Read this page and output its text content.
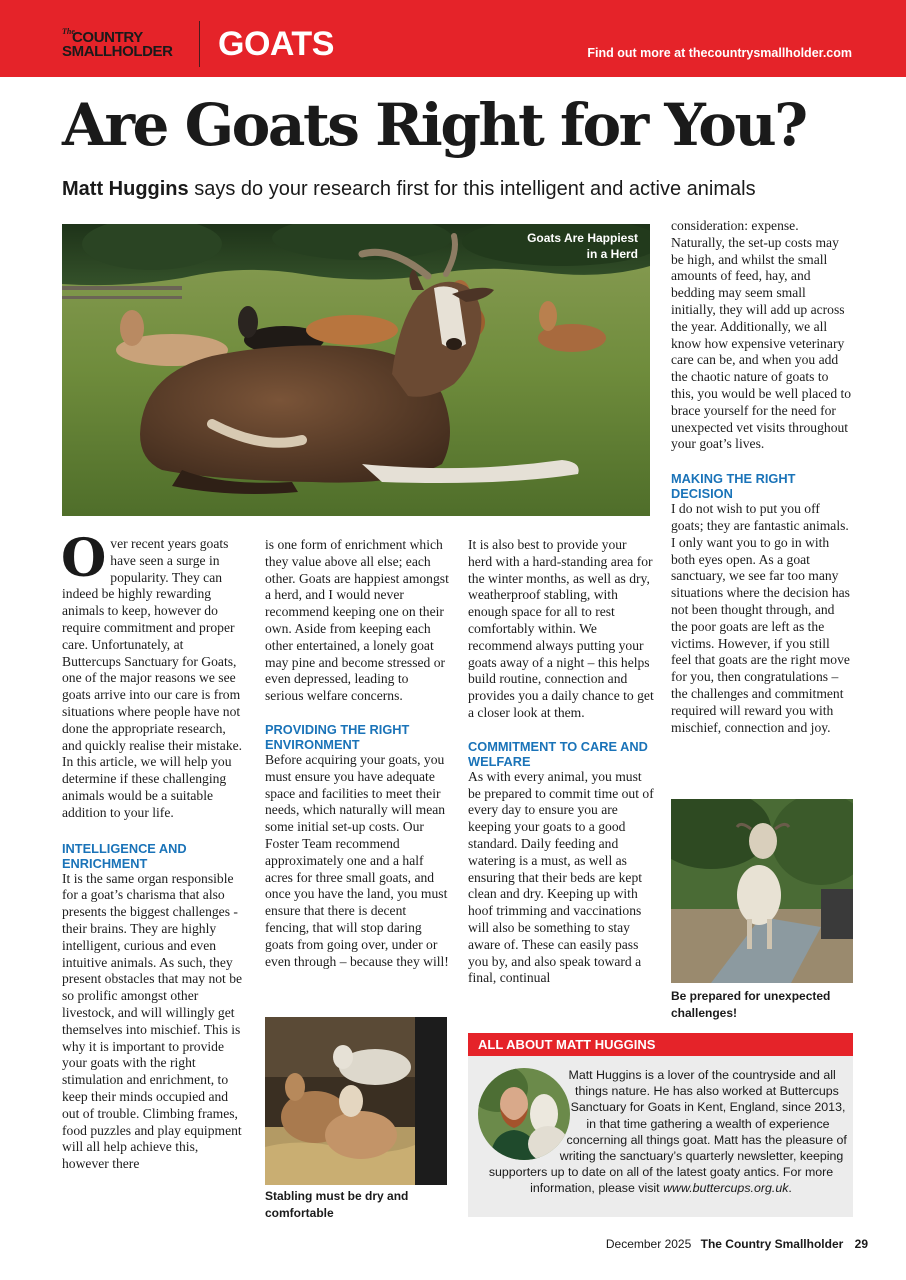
The
COUNTRY
SMALLHOLDER GOATS	Find out more at thecountrysmallholder.com
Are Goats Right for You?
Matt Huggins says do your research first for this intelligent and active animals
Goats Are Happiest
in a Herd

Over recent years goats have seen a surge in popularity. They can indeed be highly rewarding animals to keep, however do require commitment and proper care. Unfortunately, at Buttercups Sanctuary for Goats, one of the major reasons we see goats arrive into our care is from situations where people have not done the appropriate research, and quickly realise their mistake. In this article, we will help you determine if these challenging animals would be a suitable addition to your life.

INTELLIGENCE AND ENRICHMENT

It is the same organ responsible for a goat’s charisma that also presents the biggest challenges - their brains. They are highly intelligent, curious and even intuitive animals. As such, they present obstacles that may not be so prolific amongst other livestock, and will willingly get themselves into mischief. This is why it is important to provide your goats with the right stimulation and enrichment, to keep their minds occupied and out of trouble. Climbing frames, food puzzles and play equipment will all help achieve this, however there

is one form of enrichment which they value above all else; each other. Goats are happiest amongst a herd, and I would never recommend keeping one on their own. Aside from keeping each other entertained, a lonely goat may pine and become stressed or even depressed, leading to serious welfare concerns.

PROVIDING THE RIGHT ENVIRONMENT

Before acquiring your goats, you must ensure you have adequate space and facilities to meet their needs, which naturally will mean some initial set-up costs. Our Foster Team recommend approximately one and a half acres for three small goats, and once you have the land, you must ensure that there is decent fencing, that will stop daring goats from going over, under or even through – because they will!

Stabling must be dry and comfortable

It is also best to provide your herd with a hard-standing area for the winter months, as well as dry, weatherproof stabling, with enough space for all to rest comfortably within. We recommend always putting your goats away of a night – this helps build routine, connection and provides you a daily chance to get a closer look at them.

COMMITMENT TO CARE AND WELFARE

As with every animal, you must be prepared to commit time out of every day to ensure you are keeping your goats to a good standard. Daily feeding and watering is a must, as well as ensuring that their beds are kept clean and dry. Keeping up with hoof trimming and vaccinations will also be something to stay aware of. These can easily pass you by, and also speak toward a final, continual

consideration: expense. Naturally, the set-up costs may be high, and whilst the small amounts of feed, hay, and bedding may seem small initially, they will add up across the year. Additionally, we all know how expensive veterinary care can be, and when you add the chaotic nature of goats to this, you would be well placed to brace yourself for the need for unexpected vet visits throughout your goat’s lives.

MAKING THE RIGHT DECISION

I do not wish to put you off goats; they are fantastic animals. I only want you to go in with both eyes open. As a goat sanctuary, we see far too many situations where the decision has not been thought through, and the poor goats are left as the victims. However, if you still feel that goats are the right move for you, then congratulations – the challenges and commitment required will reward you with mischief, connection and joy.

Be prepared for unexpected challenges!
ALL ABOUT MATT HUGGINS
Matt Huggins is a lover of the countryside and all things nature. He has also worked at Buttercups Sanctuary for Goats in Kent, England, since 2013, in that time gathering a wealth of experience concerning all things goat. Matt has the pleasure of writing the sanctuary’s quarterly newsletter, keeping supporters up to date on all of the latest goaty antics. For more information, please visit www.buttercups.org.uk.
December 2025 The Country Smallholder 29
